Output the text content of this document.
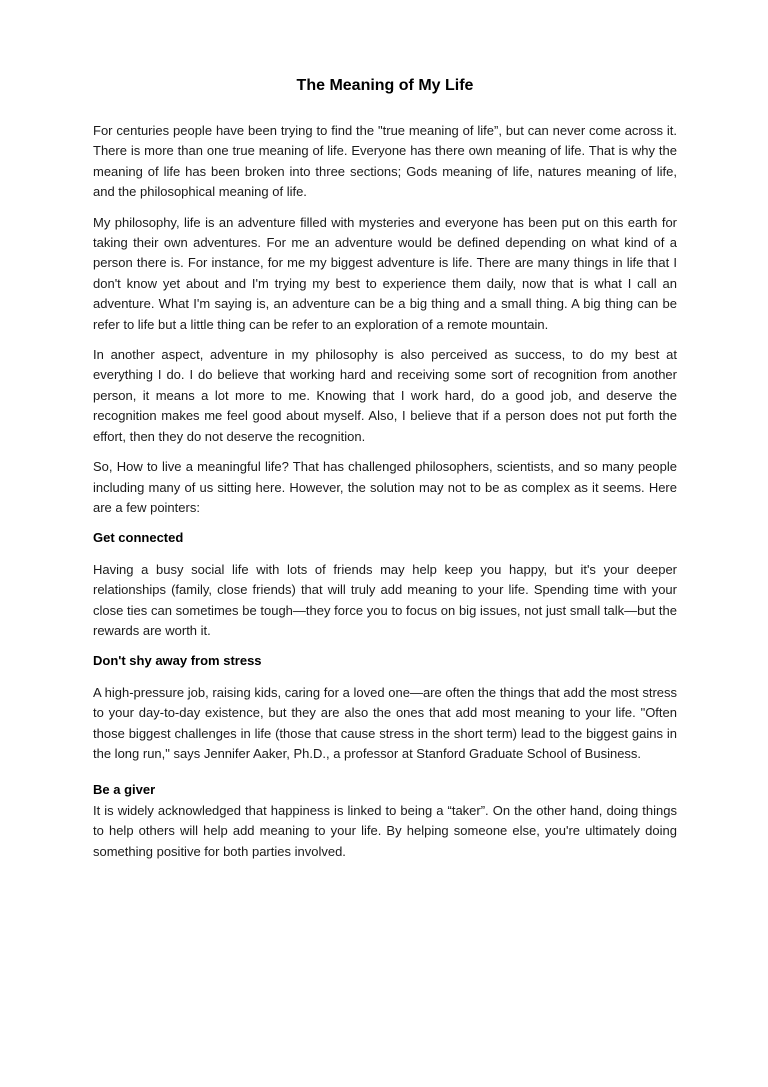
The Meaning of My Life

For centuries people have been trying to find the "true meaning of life”, but can never come across it. There is more than one true meaning of life. Everyone has there own meaning of life. That is why the meaning of life has been broken into three sections; Gods meaning of life, natures meaning of life, and the philosophical meaning of life.

My philosophy, life is an adventure filled with mysteries and everyone has been put on this earth for taking their own adventures. For me an adventure would be defined depending on what kind of a person there is. For instance, for me my biggest adventure is life. There are many things in life that I don't know yet about and I'm trying my best to experience them daily, now that is what I call an adventure. What I'm saying is, an adventure can be a big thing and a small thing. A big thing can be refer to life but a little thing can be refer to an exploration of a remote mountain.

In another aspect, adventure in my philosophy is also perceived as success, to do my best at everything I do. I do believe that working hard and receiving some sort of recognition from another person, it means a lot more to me. Knowing that I work hard, do a good job, and deserve the recognition makes me feel good about myself. Also, I believe that if a person does not put forth the effort, then they do not deserve the recognition.

So, How to live a meaningful life? That has challenged philosophers, scientists, and so many people including many of us sitting here. However, the solution may not to be as complex as it seems. Here are a few pointers:

Get connected

Having a busy social life with lots of friends may help keep you happy, but it's your deeper relationships (family, close friends) that will truly add meaning to your life. Spending time with your close ties can sometimes be tough—they force you to focus on big issues, not just small talk—but the rewards are worth it.

Don't shy away from stress

A high-pressure job, raising kids, caring for a loved one—are often the things that add the most stress to your day-to-day existence, but they are also the ones that add most meaning to your life. "Often those biggest challenges in life (those that cause stress in the short term) lead to the biggest gains in the long run," says Jennifer Aaker, Ph.D., a professor at Stanford Graduate School of Business.

Be a giver

It is widely acknowledged that happiness is linked to being a “taker”. On the other hand, doing things to help others will help add meaning to your life. By helping someone else, you're ultimately doing something positive for both parties involved.
